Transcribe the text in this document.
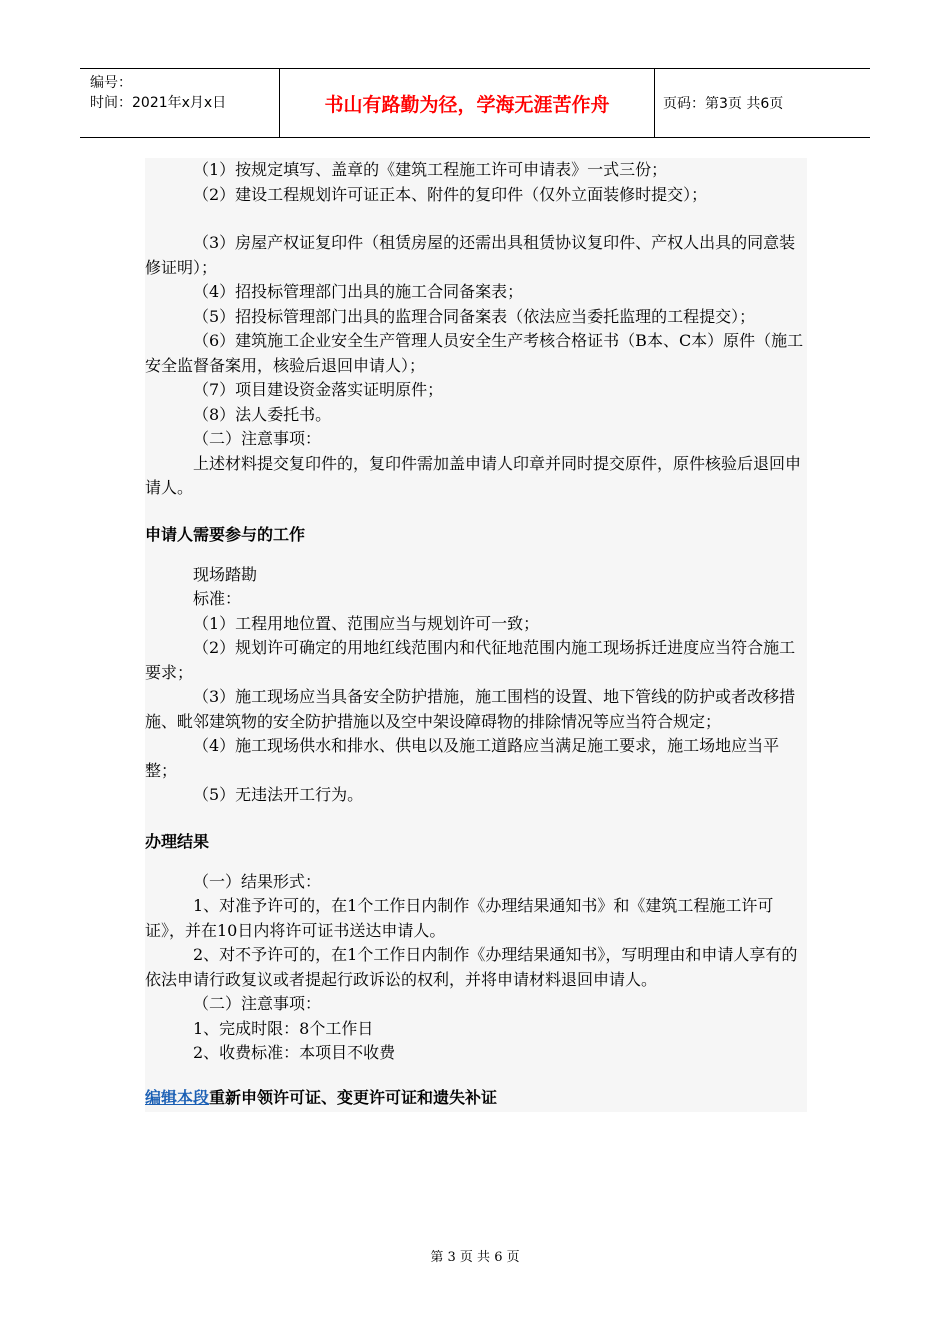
编号：
时间：2021年x月x日	书山有路勤为径，学海无涯苦作舟	页码：第3页 共6页

（1）按规定填写、盖章的《建筑工程施工许可申请表》一式三份；

（2）建设工程规划许可证正本、附件的复印件（仅外立面装修时提交）；

（3）房屋产权证复印件（租赁房屋的还需出具租赁协议复印件、产权人出具的同意装修证明）；

（4）招投标管理部门出具的施工合同备案表；

（5）招投标管理部门出具的监理合同备案表（依法应当委托监理的工程提交）；

（6）建筑施工企业安全生产管理人员安全生产考核合格证书（B本、C本）原件（施工安全监督备案用，核验后退回申请人）；

（7）项目建设资金落实证明原件；

（8）法人委托书。

（二）注意事项：

上述材料提交复印件的，复印件需加盖申请人印章并同时提交原件，原件核验后退回申请人。

申请人需要参与的工作

现场踏勘

标准：

（1）工程用地位置、范围应当与规划许可一致；

（2）规划许可确定的用地红线范围内和代征地范围内施工现场拆迁进度应当符合施工要求；

（3）施工现场应当具备安全防护措施，施工围档的设置、地下管线的防护或者改移措施、毗邻建筑物的安全防护措施以及空中架设障碍物的排除情况等应当符合规定；

（4）施工现场供水和排水、供电以及施工道路应当满足施工要求，施工场地应当平整；

（5）无违法开工行为。

办理结果

（一）结果形式：

1、对准予许可的，在1个工作日内制作《办理结果通知书》和《建筑工程施工许可证》，并在10日内将许可证书送达申请人。

2、对不予许可的，在1个工作日内制作《办理结果通知书》，写明理由和申请人享有的依法申请行政复议或者提起行政诉讼的权利，并将申请材料退回申请人。

（二）注意事项：

1、完成时限：8个工作日

2、收费标准：本项目不收费

编辑本段重新申领许可证、变更许可证和遗失补证

第 3 页 共 6 页
